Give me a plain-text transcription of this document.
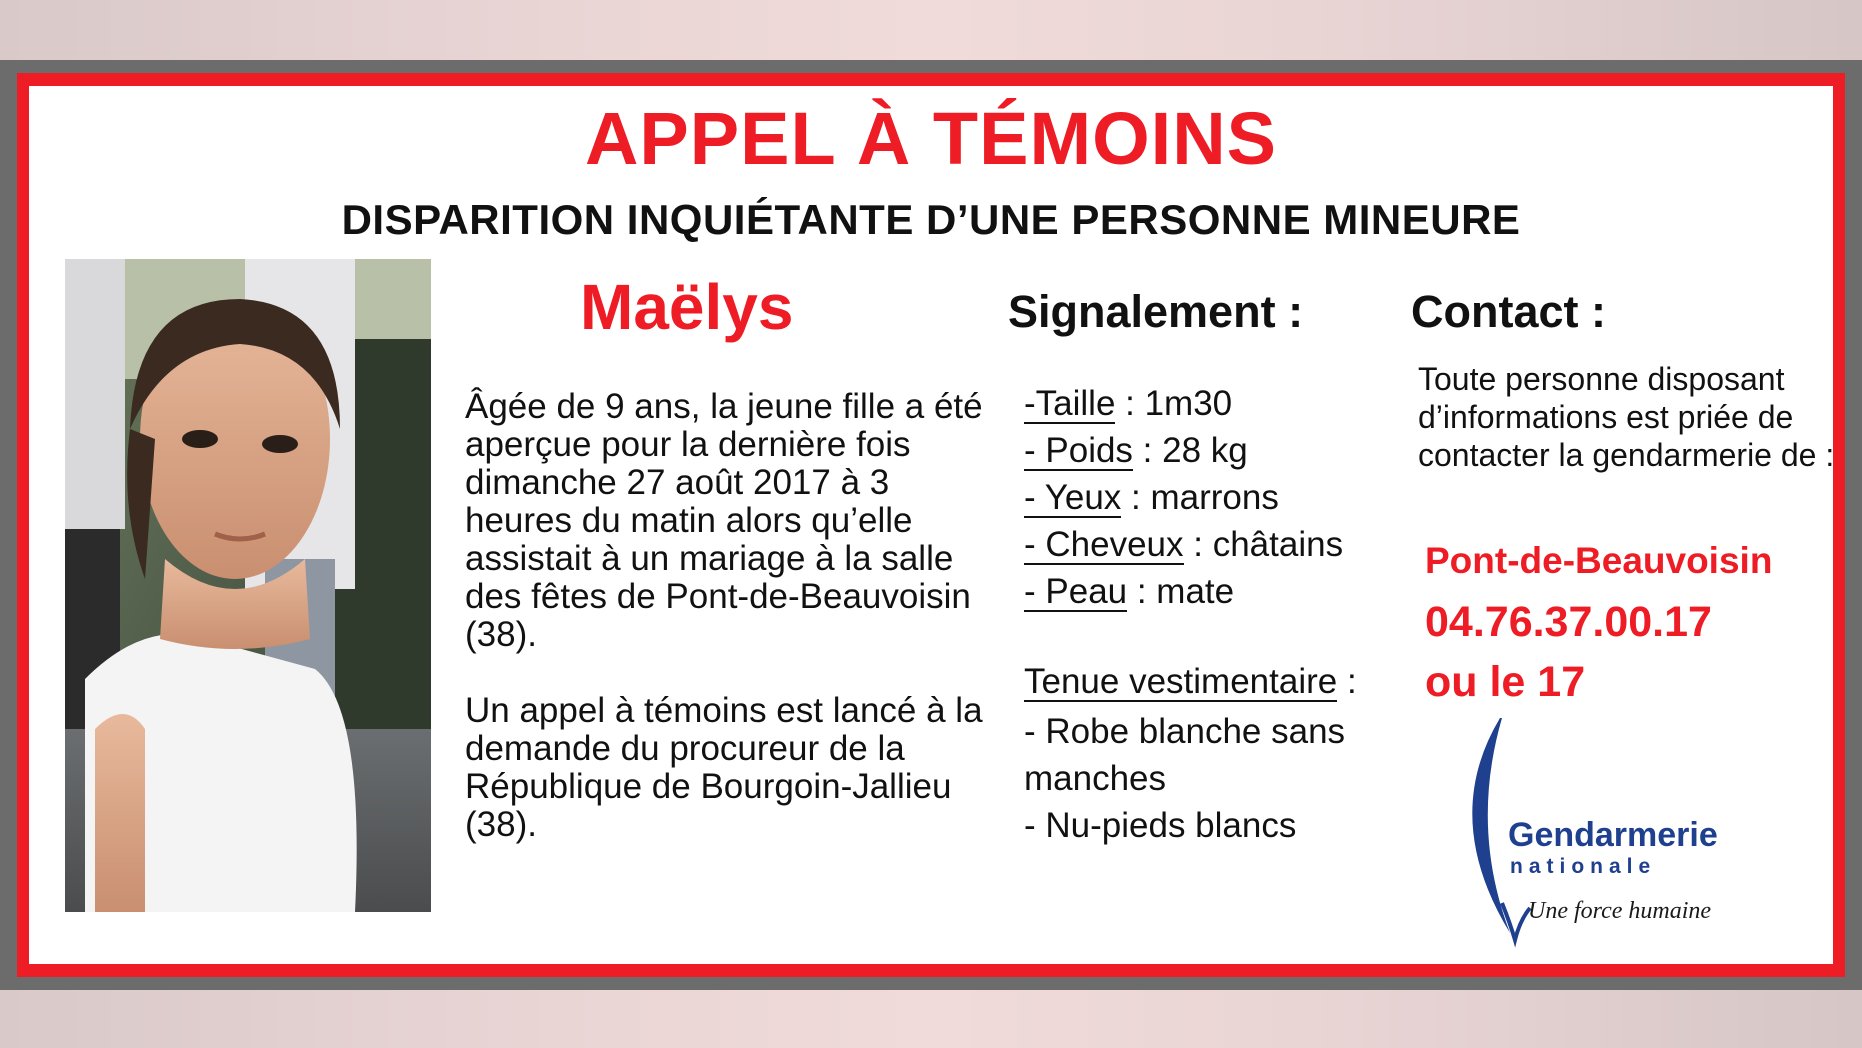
APPEL À TÉMOINS
DISPARITION INQUIÉTANTE D’UNE PERSONNE MINEURE
Maëlys

Âgée de 9 ans, la jeune fille a été aperçue pour la dernière fois dimanche 27 août 2017 à 3 heures du matin alors qu’elle assistait à un mariage à la salle des fêtes de Pont-de-Beauvoisin (38).

Un appel à témoins est lancé à la demande du procureur de la République de Bourgoin-Jallieu (38).

Signalement :
-Taille : 1m30
- Poids : 28 kg
- Yeux : marrons
- Cheveux : châtains
- Peau : mate
Tenue vestimentaire :
- Robe blanche sans manches
- Nu-pieds blancs
Contact :
Toute personne disposant d’informations est priée de contacter la gendarmerie de :
Pont-de-Beauvoisin
04.76.37.00.17
ou le 17
Gendarmerie
nationale
Une force humaine
